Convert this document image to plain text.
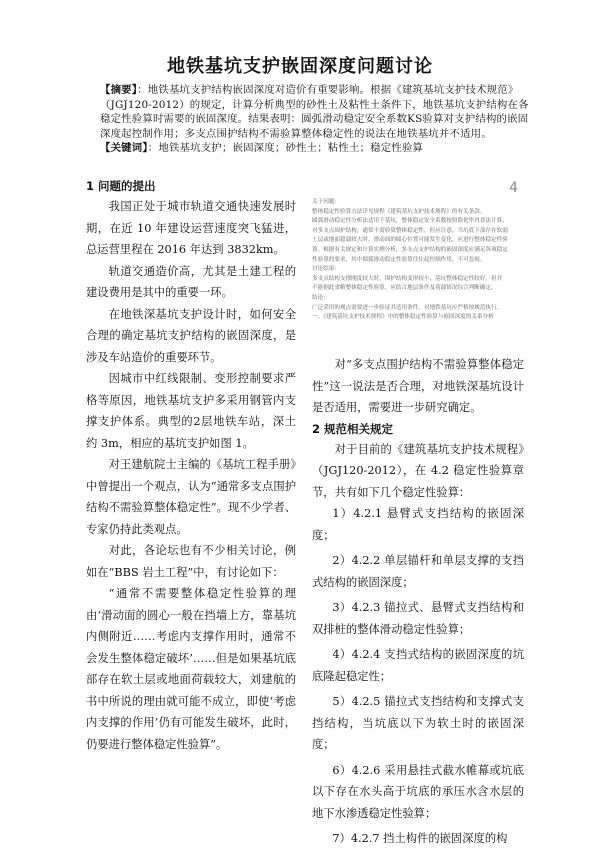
地铁基坑支护嵌固深度问题讨论
【摘要】：地铁基坑支护结构嵌固深度对造价有重要影响。根据《建筑基坑支护技术规范》（JGJ120-2012）的规定，计算分析典型的砂性土及粘性土条件下，地铁基坑支护结构在各稳定性验算时需要的嵌固深度。结果表明：圆弧滑动稳定安全系数KS验算对支护结构的嵌固深度起控制作用；多支点围护结构不需验算整体稳定性的说法在地铁基坑并不适用。
【关键词】：地铁基坑支护；嵌固深度；砂性土；粘性土；稳定性验算
1 问题的提出

我国正处于城市轨道交通快速发展时期，在近 10 年建设运营速度突飞猛进，总运营里程在 2016 年达到 3832km。

轨道交通造价高，尤其是土建工程的建设费用是其中的重要一环。

在地铁深基坑支护设计时，如何安全合理的确定基坑支护结构的嵌固深度，是涉及车站造价的重要环节。

因城市中红线限制、变形控制要求严格等原因，地铁基坑支护多采用钢管内支撑支护体系。典型的2层地铁车站，深土约 3m，相应的基坑支护如图 1。

对王建航院士主编的《基坑工程手册》中曾提出一个观点，认为“通常多支点围护结构不需验算整体稳定性”。现不少学者、专家仍持此类观点。

对此，各论坛也有不少相关讨论，例如在“BBS 岩土工程”中，有讨论如下：

“通常不需要整体稳定性验算的理由‘滑动面的圆心一般在挡墙上方，靠基坑内侧附近……考虑内支撑作用时，通常不会发生整体稳定破坏’……但是如果基坑底部存在软土层或地面荷载较大，刘建航的书中所说的理由就可能不成立，即使‘考虑内支撑的作用’仍有可能发生破坏，此时，仍要进行整体稳定性验算”。

4
关于问题：
整体稳定性验算方法详见规程《建筑基坑支护技术规程》的有关条款。
圆弧滑动稳定性分析法适用于基坑，整体稳定安全系数按照简化毕肖普法计算，
对多支点围护结构，通常不需验算整体稳定性，但应注意，当坑底下部存在软弱
土层或地面超载较大时，滑动面的圆心位置可能发生变化，应进行整体稳定性验
算。根据有关规定和计算实例分析，多支点支护结构的嵌固深度应满足各项稳定
性验算的要求，其中圆弧滑动稳定性验算往往起控制作用，不可忽视。
讨论结果：
多支点结构支撑刚度较大时，围护结构变形较小，基坑整体稳定性较好，但并
不能据此省略整体稳定性验算，应结合地层条件及荷载情况综合判断确定。
结论：
广泛采用的观点需要进一步验证其适用条件，对地铁基坑应严格按规范执行。
一、《建筑基坑支护技术规程》中的整体稳定性验算与嵌固深度的关系分析

对“多支点围护结构不需验算整体稳定性”这一说法是否合理，对地铁深基坑设计是否适用，需要进一步研究确定。

2 规范相关规定

对于目前的《建筑基坑支护技术规程》（JGJ120-2012），在 4.2 稳定性验算章节，共有如下几个稳定性验算：

1）4.2.1 悬臂式支挡结构的嵌固深度；

2）4.2.2 单层锚杆和单层支撑的支挡式结构的嵌固深度；

3）4.2.3 锚拉式、悬臂式支挡结构和双排桩的整体滑动稳定性验算；

4）4.2.4 支挡式结构的嵌固深度的坑底隆起稳定性；

5）4.2.5 锚拉式支挡结构和支撑式支挡结构，当坑底以下为软土时的嵌固深度；

6）4.2.6 采用悬挂式截水帷幕或坑底以下存在水头高于坑底的承压水含水层的地下水渗透稳定性验算；

7）4.2.7 挡土构件的嵌固深度的构
